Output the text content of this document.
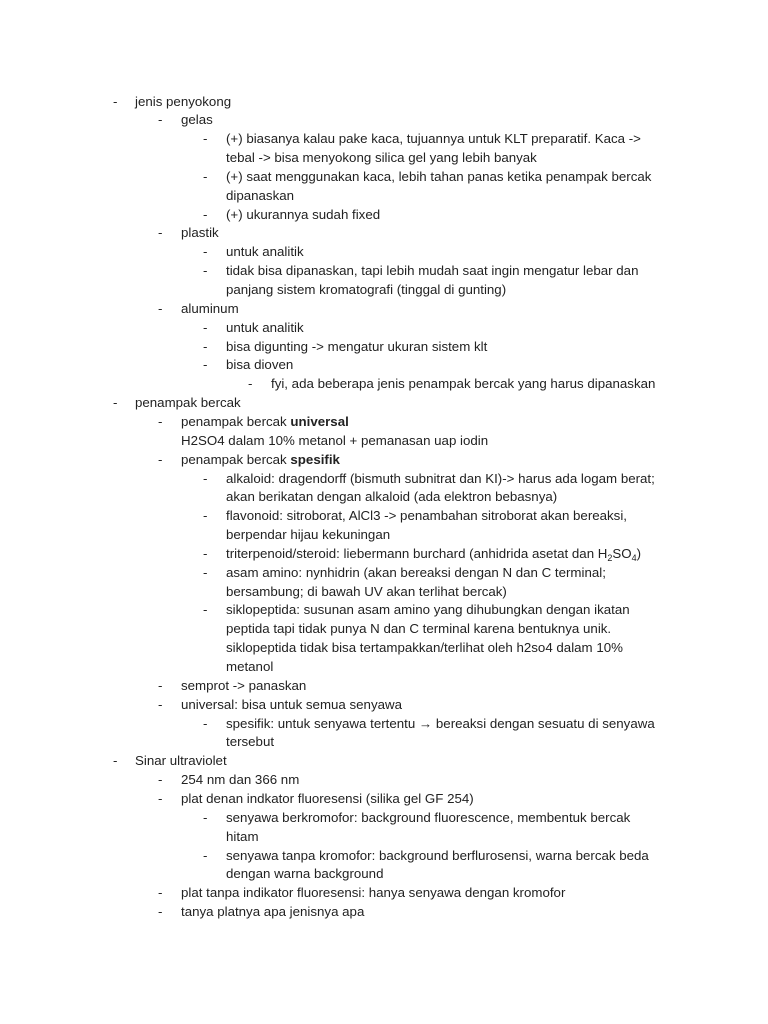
- jenis penyokong
- gelas
- (+) biasanya kalau pake kaca, tujuannya untuk KLT preparatif. Kaca ->
tebal -> bisa menyokong silica gel yang lebih banyak
- (+) saat menggunakan kaca, lebih tahan panas ketika penampak bercak
dipanaskan
- (+) ukurannya sudah fixed
- plastik
- untuk analitik
- tidak bisa dipanaskan, tapi lebih mudah saat ingin mengatur lebar dan
panjang sistem kromatografi (tinggal di gunting)
- aluminum
- untuk analitik
- bisa digunting -> mengatur ukuran sistem klt
- bisa dioven
- fyi, ada beberapa jenis penampak bercak yang harus dipanaskan
- penampak bercak
- penampak bercak universal
H2SO4 dalam 10% metanol + pemanasan uap iodin
- penampak bercak spesifik
- alkaloid: dragendorff (bismuth subnitrat dan KI)-> harus ada logam berat;
akan berikatan dengan alkaloid (ada elektron bebasnya)
- flavonoid: sitroborat, AlCl3 -> penambahan sitroborat akan bereaksi,
berpendar hijau kekuningan
- triterpenoid/steroid: liebermann burchard (anhidrida asetat dan $H_2SO_4$)
- asam amino: nynhidrin (akan bereaksi dengan N dan C terminal;
bersambung; di bawah UV akan terlihat bercak)
- siklopeptida: susunan asam amino yang dihubungkan dengan ikatan
peptida tapi tidak punya N dan C terminal karena bentuknya unik.
siklopeptida tidak bisa tertampakkan/terlihat oleh h2so4 dalam 10%
metanol
- semprot -> panaskan
- universal: bisa untuk semua senyawa
- spesifik: untuk senyawa tertentu → bereaksi dengan sesuatu di senyawa
tersebut
- Sinar ultraviolet
- 254 nm dan 366 nm
- plat denan indkator fluoresensi (silika gel GF 254)
- senyawa berkromofor: background fluorescence, membentuk bercak
hitam
- senyawa tanpa kromofor: background berflurosensi, warna bercak beda
dengan warna background
- plat tanpa indikator fluoresensi: hanya senyawa dengan kromofor
- tanya platnya apa jenisnya apa
